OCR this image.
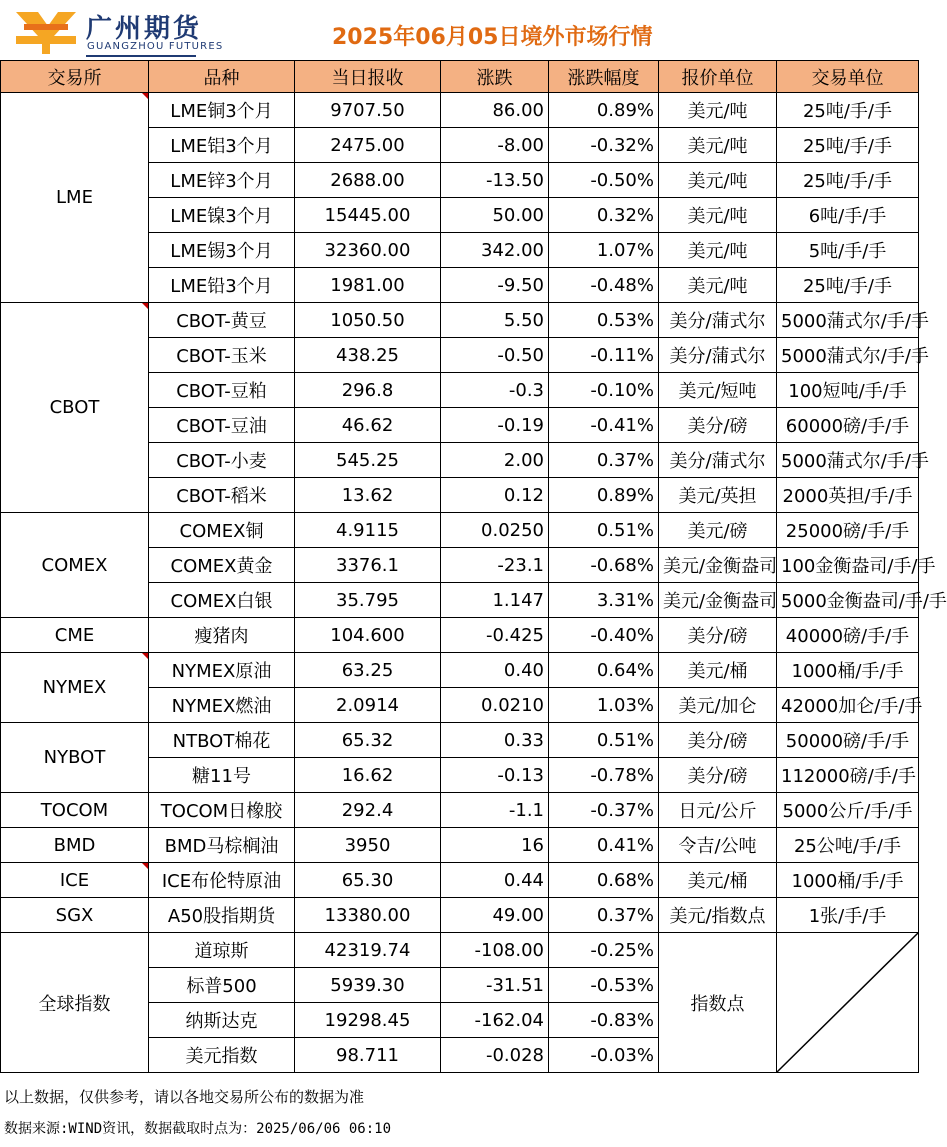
广州期货
GUANGZHOU FUTURES	2025年06月05日境外市场行情
交易所	品种	当日报收	涨跌	涨跌幅度	报价单位	交易单位
LME	LME铜3个月	9707.50	86.00	0.89%	美元/吨	25吨/手/手
	LME铝3个月	2475.00	-8.00	-0.32%	美元/吨	25吨/手/手
	LME锌3个月	2688.00	-13.50	-0.50%	美元/吨	25吨/手/手
	LME镍3个月	15445.00	50.00	0.32%	美元/吨	6吨/手/手
	LME锡3个月	32360.00	342.00	1.07%	美元/吨	5吨/手/手
	LME铅3个月	1981.00	-9.50	-0.48%	美元/吨	25吨/手/手
CBOT	CBOT-黄豆	1050.50	5.50	0.53%	美分/蒲式尔	5000蒲式尔/手/手
	CBOT-玉米	438.25	-0.50	-0.11%	美分/蒲式尔	5000蒲式尔/手/手
	CBOT-豆粕	296.8	-0.3	-0.10%	美元/短吨	100短吨/手/手
	CBOT-豆油	46.62	-0.19	-0.41%	美分/磅	60000磅/手/手
	CBOT-小麦	545.25	2.00	0.37%	美分/蒲式尔	5000蒲式尔/手/手
	CBOT-稻米	13.62	0.12	0.89%	美元/英担	2000英担/手/手
COMEX	COMEX铜	4.9115	0.0250	0.51%	美元/磅	25000磅/手/手
	COMEX黄金	3376.1	-23.1	-0.68%	美元/金衡盎司	100金衡盎司/手/手
	COMEX白银	35.795	1.147	3.31%	美元/金衡盎司	5000金衡盎司/手/手
CME	瘦猪肉	104.600	-0.425	-0.40%	美分/磅	40000磅/手/手
NYMEX	NYMEX原油	63.25	0.40	0.64%	美元/桶	1000桶/手/手
	NYMEX燃油	2.0914	0.0210	1.03%	美元/加仑	42000加仑/手/手
NYBOT	NTBOT棉花	65.32	0.33	0.51%	美分/磅	50000磅/手/手
	糖11号	16.62	-0.13	-0.78%	美分/磅	112000磅/手/手
TOCOM	TOCOM日橡胶	292.4	-1.1	-0.37%	日元/公斤	5000公斤/手/手
BMD	BMD马棕榈油	3950	16	0.41%	令吉/公吨	25公吨/手/手
ICE	ICE布伦特原油	65.30	0.44	0.68%	美元/桶	1000桶/手/手
SGX	A50股指期货	13380.00	49.00	0.37%	美元/指数点	1张/手/手
全球指数	道琼斯	42319.74	-108.00	-0.25%	指数点	

	标普500	5939.30	-31.51	-0.53%		
	纳斯达克	19298.45	-162.04	-0.83%		
	美元指数	98.711	-0.028	-0.03%		
以上数据，仅供参考，请以各地交易所公布的数据为准
数据来源:WIND资讯，数据截取时点为：2025/06/06 06:10
